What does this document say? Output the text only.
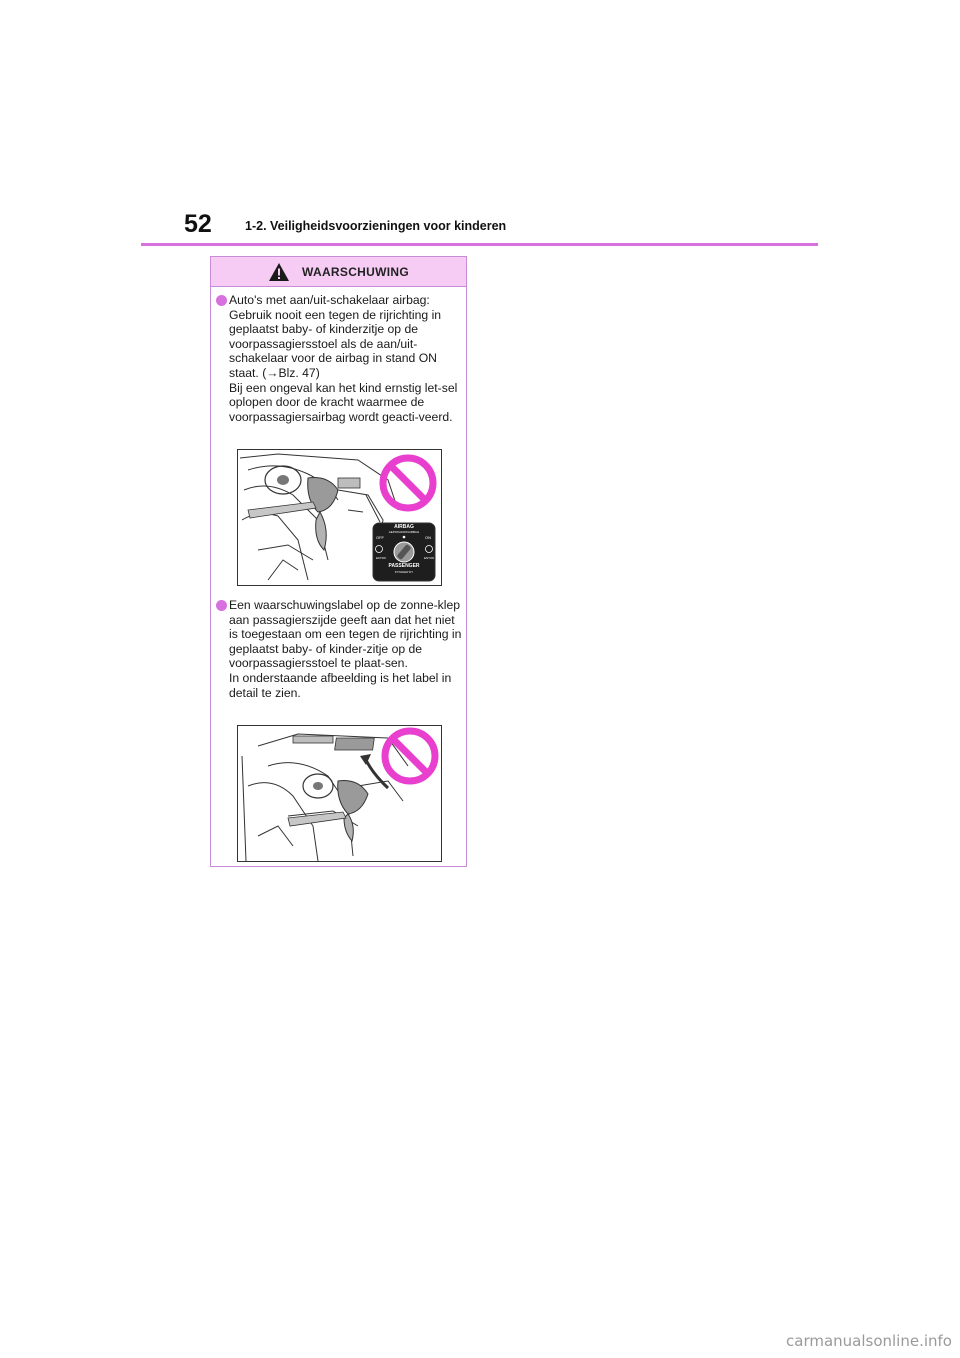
52	1-2. Veiligheidsvoorzieningen voor kinderen
WAARSCHUWING
Auto's met aan/uit-schakelaar airbag:
Gebruik nooit een tegen de rijrichting in geplaatst baby- of kinderzitje op de voorpassagiersstoel als de aan/uit-schakelaar voor de airbag in stand ON staat. (→Blz. 47)
Bij een ongeval kan het kind ernstig let-sel oplopen door de kracht waarmee de voorpassagiersairbag wordt geacti-veerd.
AIRBAG
ΑΕΡΟΣΑΚΟΣ/AIRBAG
OFF	ON
ΕΚΤΟΣ	ΕΝΤΟΣ
PASSENGER
ΣΥΝΟΔΗΓΟΥ
Een waarschuwingslabel op de zonne-klep aan passagierszijde geeft aan dat het niet is toegestaan om een tegen de rijrichting in geplaatst baby- of kinder-zitje op de voorpassagiersstoel te plaat-sen.
In onderstaande afbeelding is het label in detail te zien.
carmanualsonline.info
